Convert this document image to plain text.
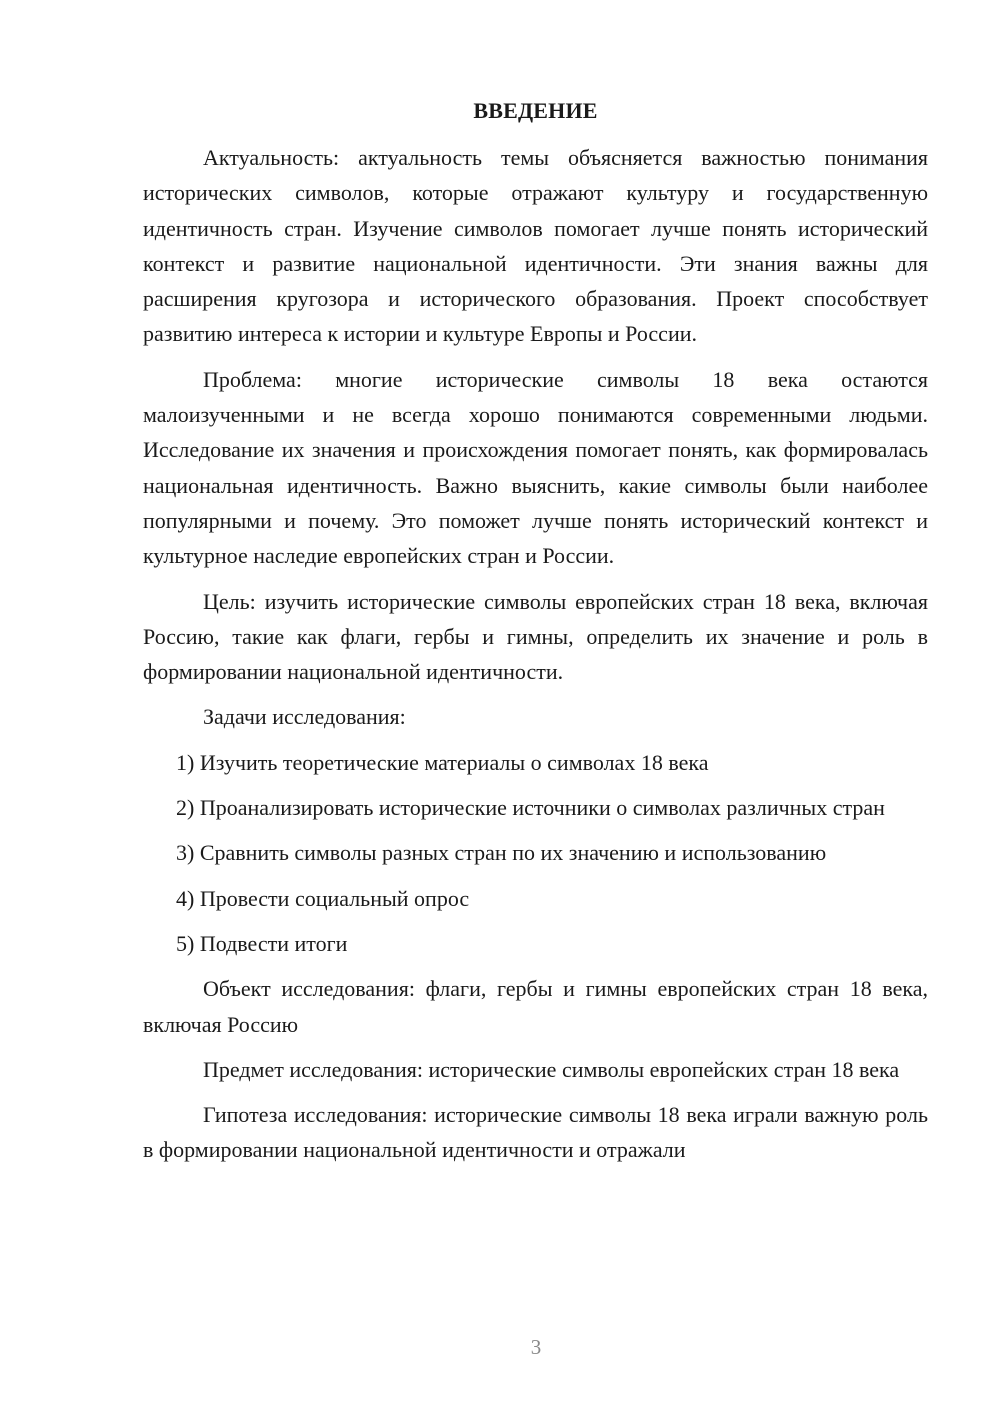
ВВЕДЕНИЕ

Актуальность: актуальность темы объясняется важностью понимания исторических символов, которые отражают культуру и государственную идентичность стран. Изучение символов помогает лучше понять исторический контекст и развитие национальной идентичности. Эти знания важны для расширения кругозора и исторического образования. Проект способствует развитию интереса к истории и культуре Европы и России.

Проблема: многие исторические символы 18 века остаются малоизученными и не всегда хорошо понимаются современными людьми. Исследование их значения и происхождения помогает понять, как формировалась национальная идентичность. Важно выяснить, какие символы были наиболее популярными и почему. Это поможет лучше понять исторический контекст и культурное наследие европейских стран и России.

Цель: изучить исторические символы европейских стран 18 века, включая Россию, такие как флаги, гербы и гимны, определить их значение и роль в формировании национальной идентичности.

Задачи исследования:

1) Изучить теоретические материалы о символах 18 века

2) Проанализировать исторические источники о символах различных стран

3) Сравнить символы разных стран по их значению и использованию

4) Провести социальный опрос

5) Подвести итоги

Объект исследования: флаги, гербы и гимны европейских стран 18 века, включая Россию

Предмет исследования: исторические символы европейских стран 18 века

Гипотеза исследования: исторические символы 18 века играли важную роль в формировании национальной идентичности и отражали

3
